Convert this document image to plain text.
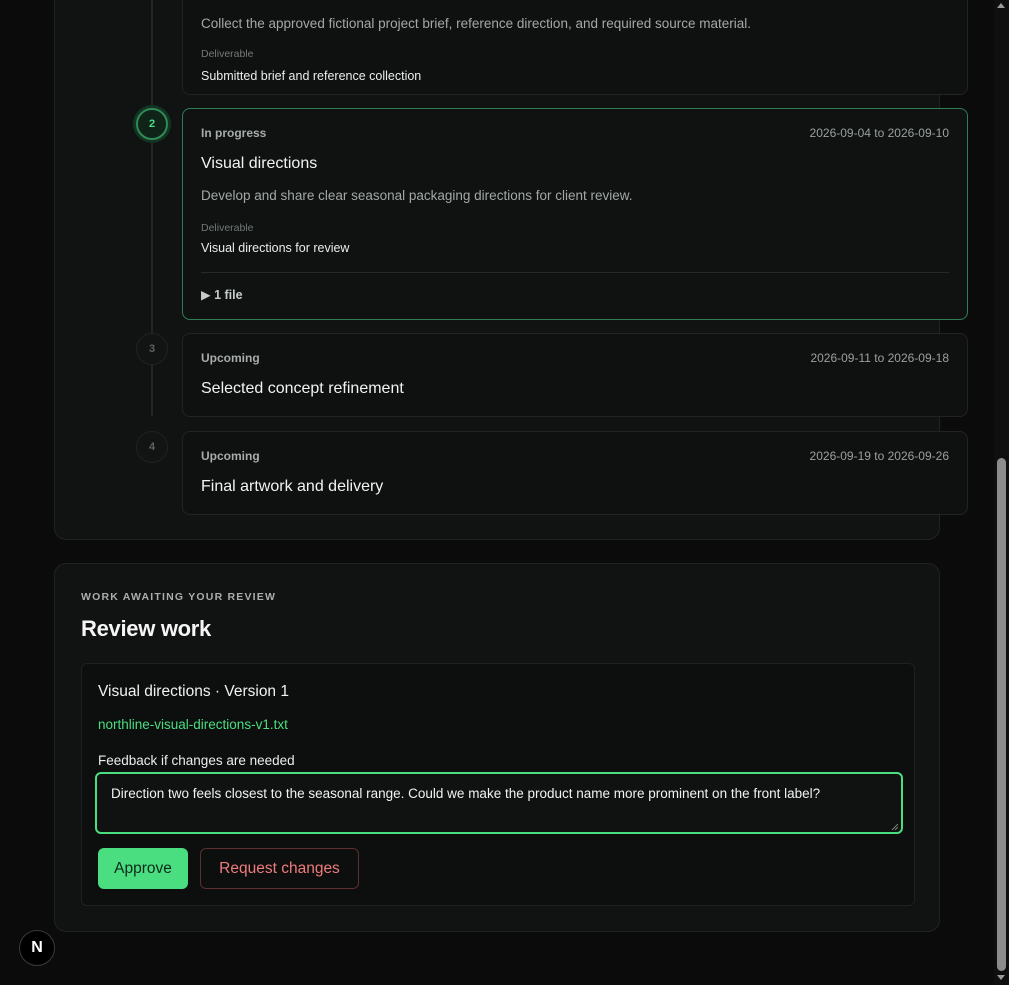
Collect the approved fictional project brief, reference direction, and required source material.
Deliverable
Submitted brief and reference collection
2
In progress	2026-09-04 to 2026-09-10
Visual directions
Develop and share clear seasonal packaging directions for client review.
Deliverable
Visual directions for review
▶ 1 file
3
Upcoming	2026-09-11 to 2026-09-18
Selected concept refinement
4
Upcoming	2026-09-19 to 2026-09-26
Final artwork and delivery
WORK AWAITING YOUR REVIEW
Review work
Visual directions · Version 1
northline-visual-directions-v1.txt
Feedback if changes are needed
Direction two feels closest to the seasonal range. Could we make the product name more prominent on the front label?
Approve	Request changes
N
